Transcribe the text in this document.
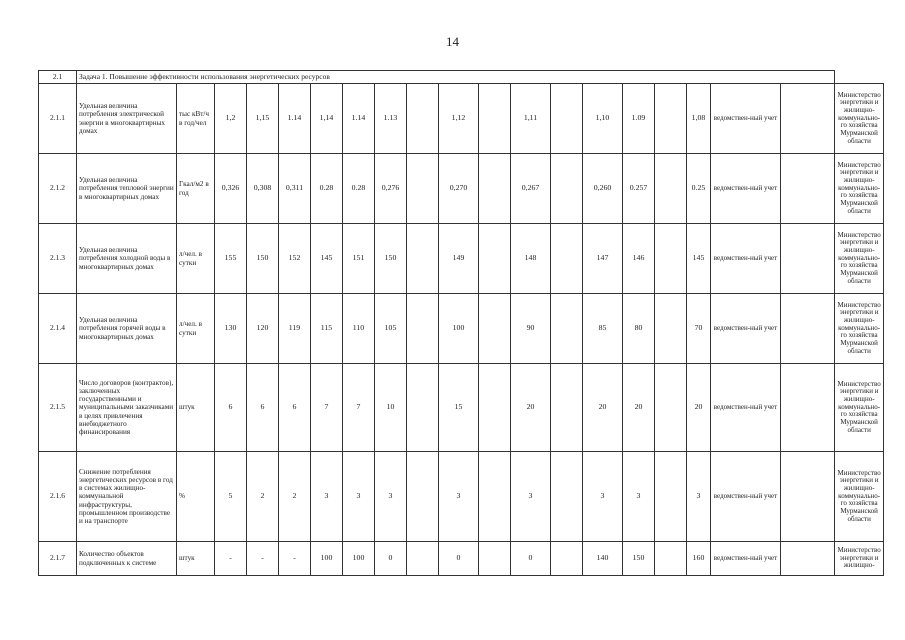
14
2.1	Задача 1. Повышение эффективности использования энергетических ресурсов																			
2.1.1	Удельная величина потребления электрической энергии в многоквартирных домах	тыс кВт/ч в год/чел	1,2	1,15	1.14	1,14	1.14	1.13		1,12		1,11		1,10	1.09		1,08	ведомствен-ный учет		Министерство энергетики и жилищно-коммунально-го хозяйства Мурманской области
2.1.2	Удельная величина потребления тепловой энергии в многоквартирных домах	Гкал/м2 в год	0,326	0,308	0,311	0.28	0.28	0,276		0,270		0,267		0,260	0.257		0.25	ведомствен-ный учет		Министерство энергетики и жилищно-коммунально-го хозяйства Мурманской области
2.1.3	Удельная величина потребления холодной воды в многоквартирных домах	л/чел. в сутки	155	150	152	145	151	150		149		148		147	146		145	ведомствен-ный учет		Министерство энергетики и жилищно-коммунально-го хозяйства Мурманской области
2.1.4	Удельная величина потребления горячей воды в многоквартирных домах	л/чел. в сутки	130	120	119	115	110	105		100		90		85	80		70	ведомствен-ный учет		Министерство энергетики и жилищно-коммунально-го хозяйства Мурманской области
2.1.5	Число договоров (контрактов), заключенных государственными и муниципальными заказчиками в целях привлечения внебюджетного финансирования	штук	6	6	6	7	7	10		15		20		20	20		20	ведомствен-ный учет		Министерство энергетики и жилищно-коммунально-го хозяйства Мурманской области
2.1.6	Снижение потребления энергетических ресурсов в год в системах жилищно-коммунальной инфраструктуры, промышленном производстве и на транспорте	%	5	2	2	3	3	3		3		3		3	3		3	ведомствен-ный учет		Министерство энергетики и жилищно-коммунально-го хозяйства Мурманской области
2.1.7	Количество объектов подключенных к системе	штук	-	-	-	100	100	0		0		0		140	150		160	ведомствен-ный учет		Министерство энергетики и жилищно-
